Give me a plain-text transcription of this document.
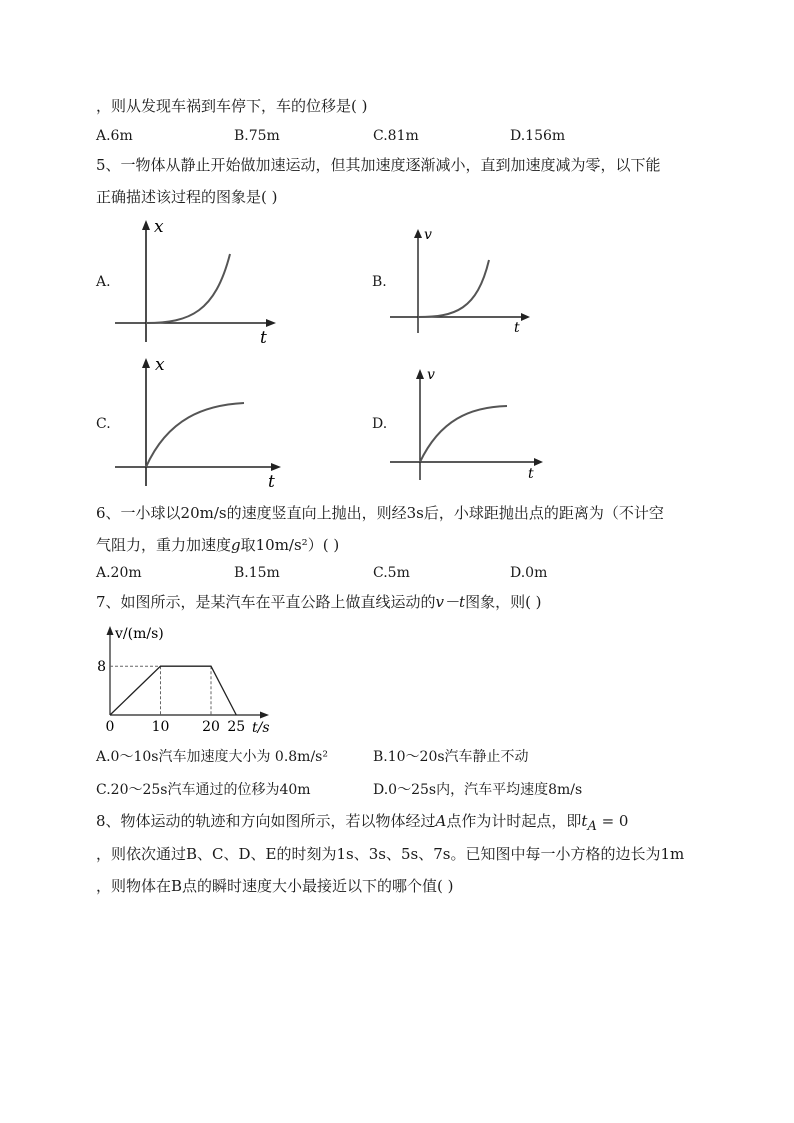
，则从发现车祸到车停下，车的位移是( )
A.6m	B.75m	C.81m	D.156m
5、一物体从静止开始做加速运动，但其加速度逐渐减小，直到加速度减为零，以下能
正确描述该过程的图象是( )
A.
x
t
B.
v
t
C.
x
t
D.
v
t
6、一小球以20m/s的速度竖直向上抛出，则经3s后，小球距抛出点的距离为（不计空
气阻力，重力加速度g取10m/s²）( )
A.20m	B.15m	C.5m	D.0m
7、如图所示，是某汽车在平直公路上做直线运动的v－t图象，则( )
0	10 20 25
8
v/(m/s)
t/s
A.0～10s汽车加速度大小为 0.8m/s²	B.10～20s汽车静止不动
C.20～25s汽车通过的位移为40m	D.0～25s内，汽车平均速度8m/s
8、物体运动的轨迹和方向如图所示，若以物体经过A点作为计时起点，即$t_A = 0$
，则依次通过B、C、D、E的时刻为1s、3s、5s、7s。已知图中每一小方格的边长为1m
，则物体在B点的瞬时速度大小最接近以下的哪个值( )
